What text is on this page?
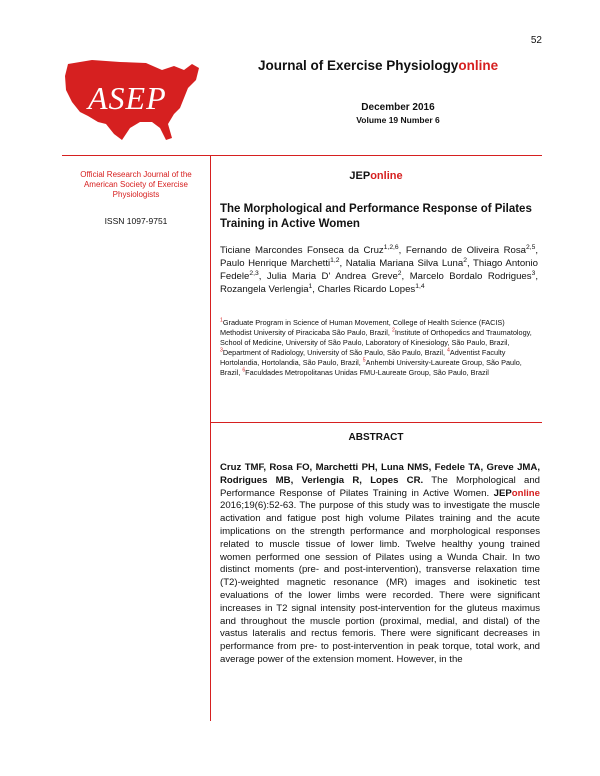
52
ASEP
Journal of Exercise Physiologyonline
December 2016
Volume 19 Number 6
Official Research Journal of the American Society of Exercise Physiologists
ISSN 1097-9751
JEPonline
The Morphological and Performance Response of Pilates Training in Active Women
Ticiane Marcondes Fonseca da Cruz$^{1,2,6}$, Fernando de Oliveira Rosa$^{2,5}$, Paulo Henrique Marchetti$^{1,2}$, Natalia Mariana Silva Luna$^2$, Thiago Antonio Fedele$^{2,3}$, Julia Maria D' Andrea Greve$^2$, Marcelo Bordalo Rodrigues$^3$, Rozangela Verlengia$^1$, Charles Ricardo Lopes$^{1,4}$
$^1$Graduate Program in Science of Human Movement, College of Health Science (FACIS) Methodist University of Piracicaba São Paulo, Brazil, $^2$Institute of Orthopedics and Traumatology, School of Medicine, University of São Paulo, Laboratory of Kinesiology, São Paulo, Brazil, $^3$Department of Radiology, University of São Paulo, São Paulo, Brazil, $^4$Adventist Faculty Hortolandia, Hortolandia, São Paulo, Brazil, $^5$Anhembi University-Laureate Group, São Paulo, Brazil, $^6$Faculdades Metropolitanas Unidas FMU-Laureate Group, São Paulo, Brazil
ABSTRACT
Cruz TMF, Rosa FO, Marchetti PH, Luna NMS, Fedele TA, Greve JMA, Rodrigues MB, Verlengia R, Lopes CR. The Morphological and Performance Response of Pilates Training in Active Women. JEPonline 2016;19(6):52-63. The purpose of this study was to investigate the muscle activation and fatigue post high volume Pilates training and the acute implications on the strength performance and morphological responses related to muscle tissue of lower limb. Twelve healthy young trained women performed one session of Pilates using a Wunda Chair. In two distinct moments (pre- and post-intervention), transverse relaxation time (T2)-weighted magnetic resonance (MR) images and isokinetic test evaluations of the lower limbs were recorded. There were significant increases in T2 signal intensity post-intervention for the gluteus maximus and throughout the muscle portion (proximal, medial, and distal) of the vastus lateralis and rectus femoris. There were significant decreases in performance from pre- to post-intervention in peak torque, total work, and average power of the extension moment. However, in the
